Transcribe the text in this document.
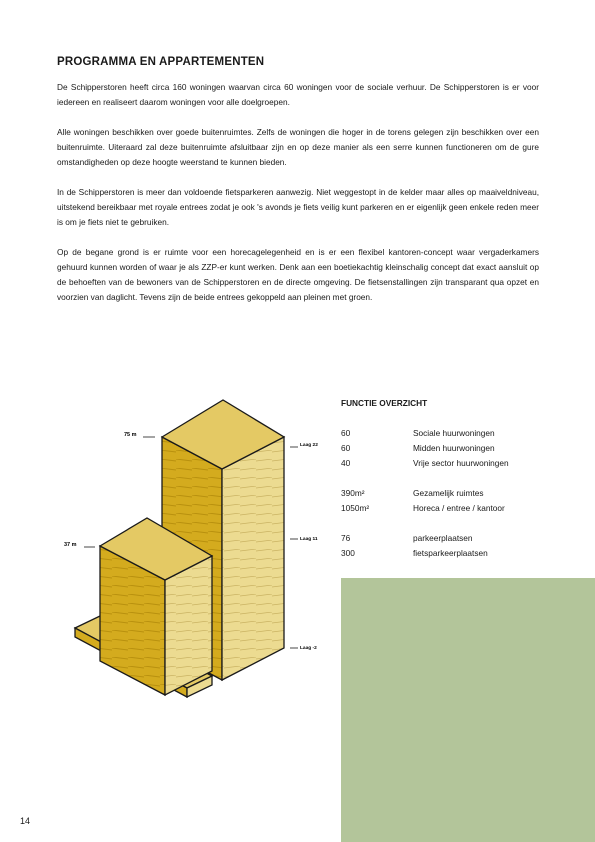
PROGRAMMA EN APPARTEMENTEN

De Schipperstoren heeft circa 160 woningen waarvan circa 60 woningen voor de sociale verhuur. De Schipperstoren is er voor iedereen en realiseert daarom woningen voor alle doelgroepen.

Alle woningen beschikken over goede buitenruimtes. Zelfs de woningen die hoger in de torens gelegen zijn beschikken over een buitenruimte. Uiteraard zal deze buitenruimte afsluitbaar zijn en op deze manier als een serre kunnen functioneren om de gure omstandigheden op deze hoogte weerstand te kunnen bieden.

In de Schipperstoren is meer dan voldoende fietsparkeren aanwezig. Niet weggestopt in de kelder maar alles op maaiveldniveau, uitstekend bereikbaar met royale entrees zodat je ook 's avonds je fiets veilig kunt parkeren en er eigenlijk geen enkele reden meer is om je fiets niet te gebruiken.

Op de begane grond is er ruimte voor een horecagelegenheid en is er een flexibel kantoren-concept waar vergaderkamers gehuurd kunnen worden of waar je als ZZP-er kunt werken. Denk aan een boetiekachtig kleinschalig concept dat exact aansluit op de behoeften van de bewoners van de Schipperstoren en de directe omgeving. De fietsenstallingen zijn transparant qua opzet en voorzien van daglicht. Tevens zijn de beide entrees gekoppeld aan pleinen met groen.

75 m
37 m
Laag 22
Laag 11
Laag -2
FUNCTIE OVERZICHT
60	Sociale huurwoningen
60	Midden huurwoningen
40	Vrije sector huurwoningen
390m²	Gezamelijk ruimtes
1050m²	Horeca / entree / kantoor
76	parkeerplaatsen
300	fietsparkeerplaatsen
14
